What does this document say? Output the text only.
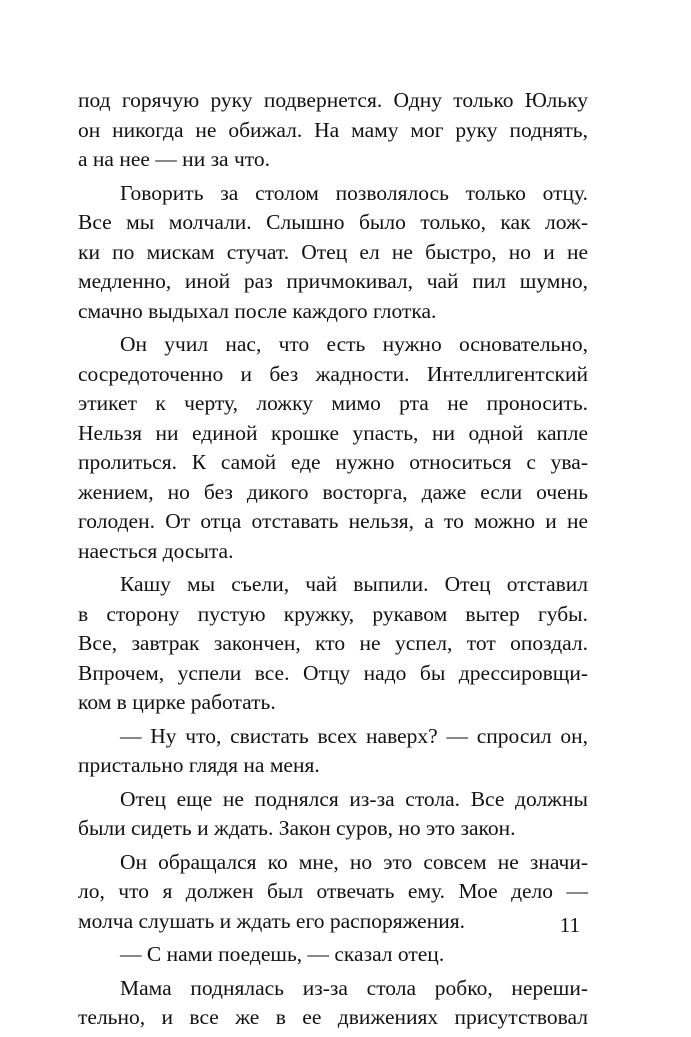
под горячую руку подвернется. Одну только Юльку
он никогда не обижал. На маму мог руку поднять,
а на нее — ни за что.
Говорить за столом позволялось только отцу.
Все мы молчали. Слышно было только, как лож-
ки по мискам стучат. Отец ел не быстро, но и не
медленно, иной раз причмокивал, чай пил шумно,
смачно выдыхал после каждого глотка.
Он учил нас, что есть нужно основательно,
сосредоточенно и без жадности. Интеллигентский
этикет к черту, ложку мимо рта не проносить.
Нельзя ни единой крошке упасть, ни одной капле
пролиться. К самой еде нужно относиться с ува-
жением, но без дикого восторга, даже если очень
голоден. От отца отставать нельзя, а то можно и не
наесться досыта.
Кашу мы съели, чай выпили. Отец отставил
в сторону пустую кружку, рукавом вытер губы.
Все, завтрак закончен, кто не успел, тот опоздал.
Впрочем, успели все. Отцу надо бы дрессировщи-
ком в цирке работать.
— Ну что, свистать всех наверх? — спросил он,
пристально глядя на меня.
Отец еще не поднялся из-за стола. Все должны
были сидеть и ждать. Закон суров, но это закон.
Он обращался ко мне, но это совсем не значи-
ло, что я должен был отвечать ему. Мое дело —
молча слушать и ждать его распоряжения.
— С нами поедешь, — сказал отец.
Мама поднялась из-за стола робко, нереши-
тельно, и все же в ее движениях присутствовал
11
